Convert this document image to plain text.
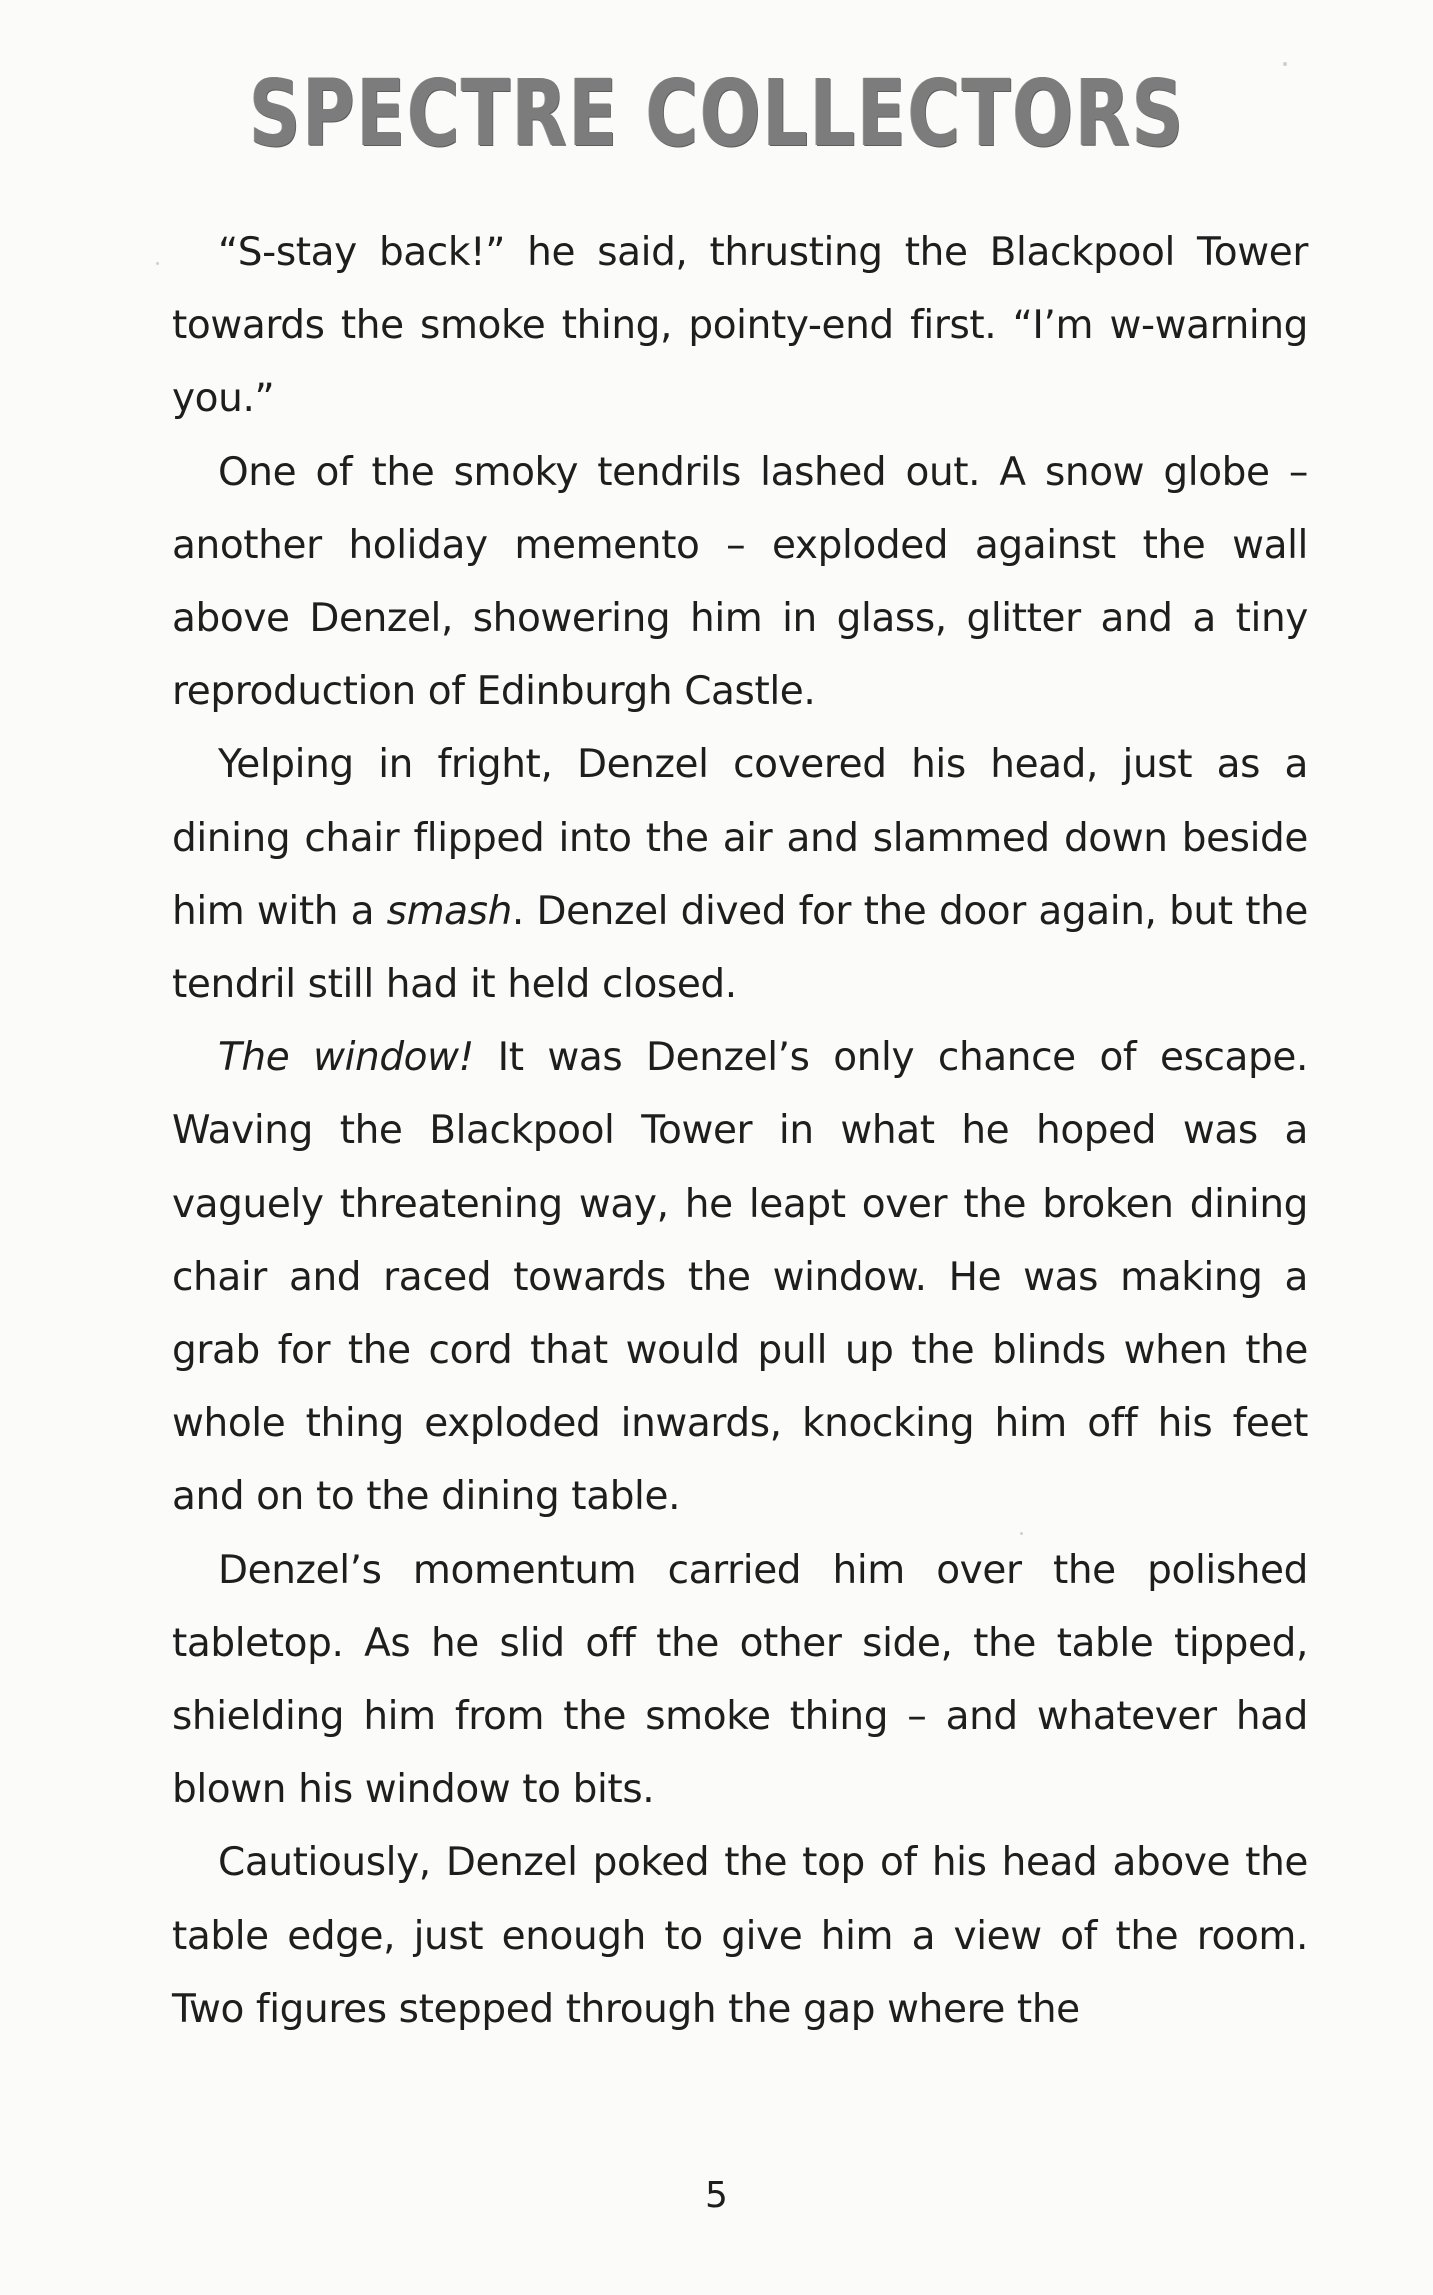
SPECTRE COLLECTORS

“S-stay back!” he said, thrusting the Blackpool Tower towards the smoke thing, pointy-end first. “I’m w-warning you.”

One of the smoky tendrils lashed out. A snow globe – another holiday memento – exploded against the wall above Denzel, showering him in glass, glitter and a tiny reproduction of Edinburgh Castle.

Yelping in fright, Denzel covered his head, just as a dining chair flipped into the air and slammed down beside him with a smash. Denzel dived for the door again, but the tendril still had it held closed.

The window! It was Denzel’s only chance of escape. Waving the Blackpool Tower in what he hoped was a vaguely threatening way, he leapt over the broken dining chair and raced towards the window. He was making a grab for the cord that would pull up the blinds when the whole thing exploded inwards, knocking him off his feet and on to the dining table.

Denzel’s momentum carried him over the polished tabletop. As he slid off the other side, the table tipped, shielding him from the smoke thing – and whatever had blown his window to bits.

Cautiously, Denzel poked the top of his head above the table edge, just enough to give him a view of the room. Two figures stepped through the gap where the

5
